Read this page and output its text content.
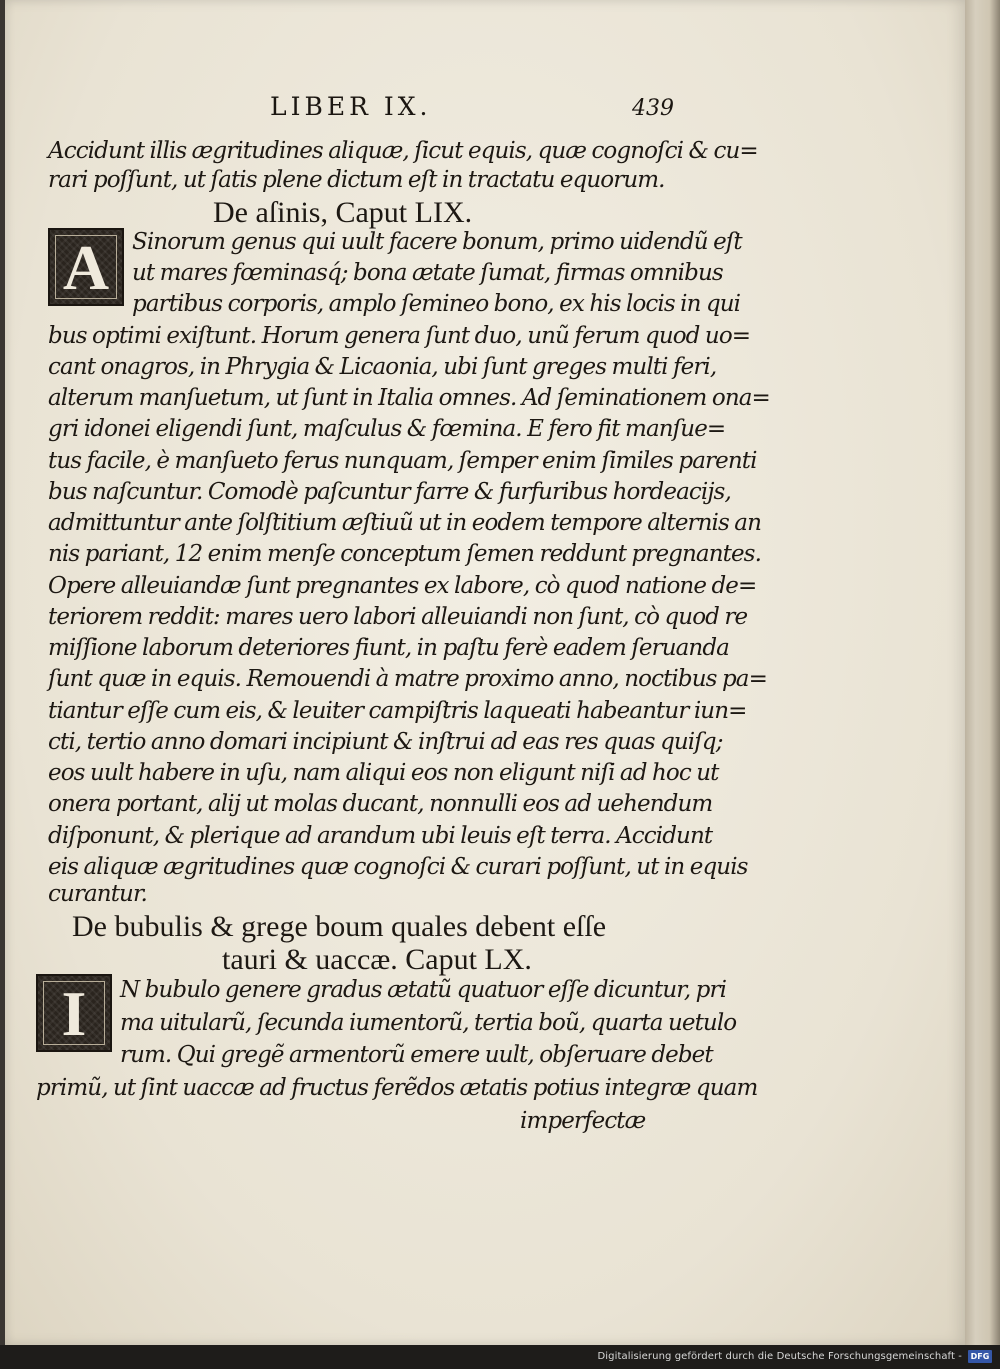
LIBER IX.	439
Accidunt illis ægritudines aliquæ, ſicut equis, quæ cognoſci & cu=
rari poſſunt, ut ſatis plene dictum eſt in tractatu equorum.
De aſinis, Caput LIX.
A Sinorum genus qui uult facere bonum, primo uidendũ eſt
ut mares fœminasq́; bona ætate ſumat, firmas omnibus
partibus corporis, amplo ſemineo bono, ex his locis in qui
bus optimi exiſtunt. Horum genera ſunt duo, unũ ferum quod uo=
cant onagros, in Phrygia & Licaonia, ubi ſunt greges multi feri,
alterum manſuetum, ut ſunt in Italia omnes. Ad ſeminationem ona=
gri idonei eligendi ſunt, maſculus & fœmina. E fero fit manſue=
tus facile, è manſueto ferus nunquam, ſemper enim ſimiles parenti
bus naſcuntur. Comodè paſcuntur farre & furfuribus hordeacijs,
admittuntur ante ſolſtitium æſtiuũ ut in eodem tempore alternis an
nis pariant, 12 enim menſe conceptum ſemen reddunt pregnantes.
Opere alleuiandæ ſunt pregnantes ex labore, cò quod natione de=
teriorem reddit: mares uero labori alleuiandi non ſunt, cò quod re
miſſione laborum deteriores fiunt, in paſtu ferè eadem ſeruanda
ſunt quæ in equis. Remouendi à matre proximo anno, noctibus pa=
tiantur eſſe cum eis, & leuiter campiſtris laqueati habeantur iun=
cti, tertio anno domari incipiunt & inſtrui ad eas res quas quiſq;
eos uult habere in uſu, nam aliqui eos non eligunt niſi ad hoc ut
onera portant, alij ut molas ducant, nonnulli eos ad uehendum
diſponunt, & plerique ad arandum ubi leuis eſt terra. Accidunt
eis aliquæ ægritudines quæ cognoſci & curari poſſunt, ut in equis
curantur.
De bubulis & grege boum quales debent eſſe
tauri & uaccæ. Caput LX.
I	N bubulo genere gradus ætatũ quatuor eſſe dicuntur, pri
ma uitularũ, ſecunda iumentorũ, tertia boũ, quarta uetulo
rum. Qui gregẽ armentorũ emere uult, obſeruare debet
primũ, ut ſint uaccæ ad fructus ferẽdos ætatis potius integræ quam
imperfectæ
Digitalisierung gefördert durch die Deutsche Forschungsgemeinschaft -	DFG
